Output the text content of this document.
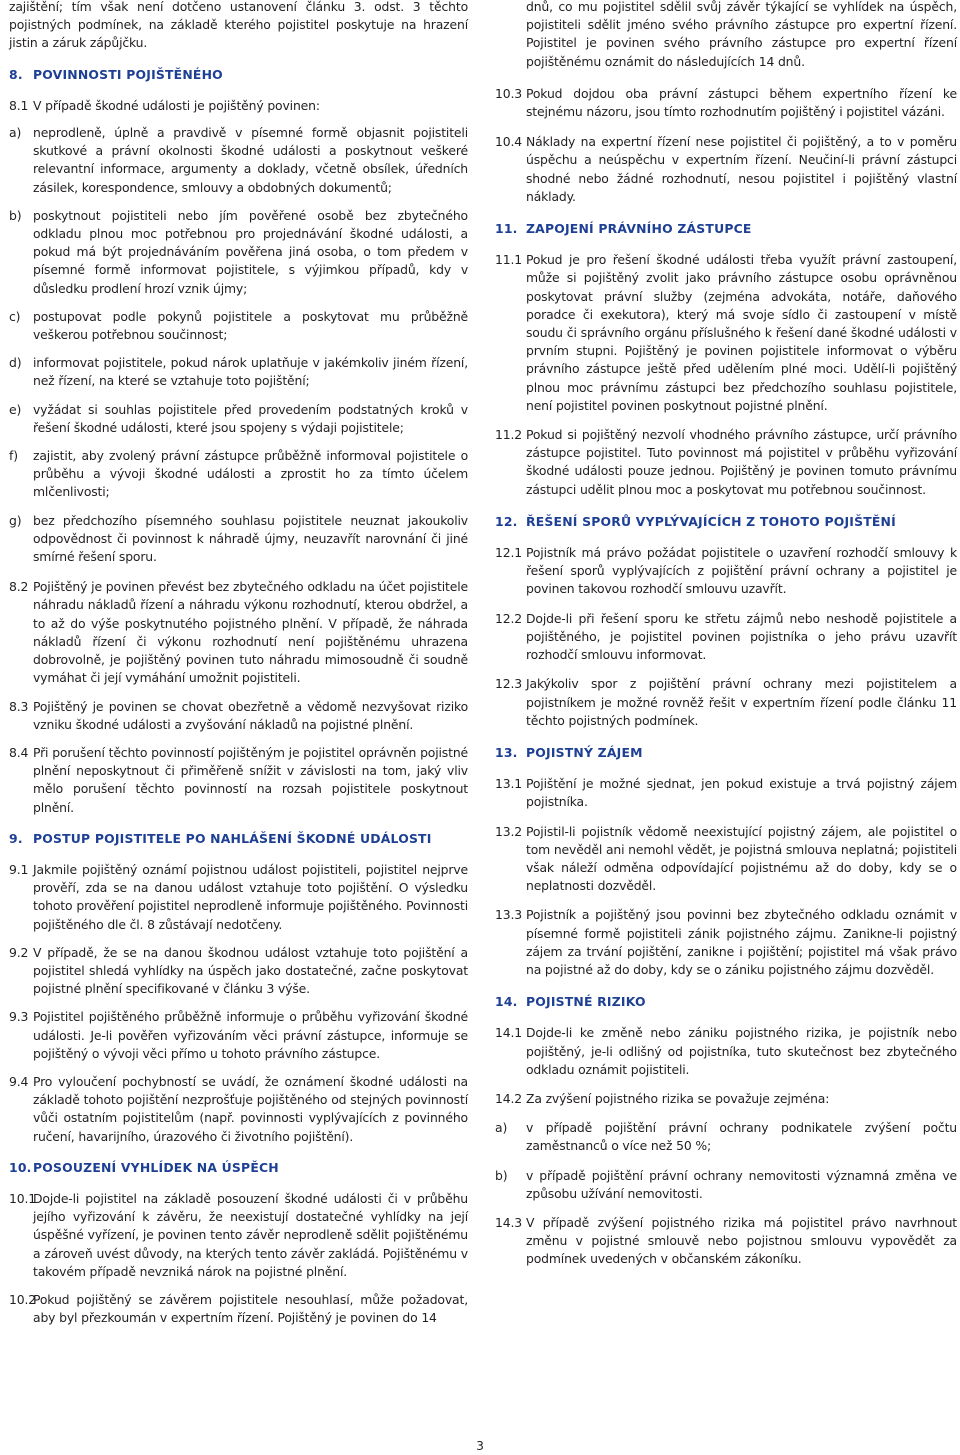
zajištění; tím však není dotčeno ustanovení článku 3. odst. 3 těchto pojistných podmínek, na základě kterého pojistitel poskytuje na hrazení jistin a záruk zápůjčku.

8. POVINNOSTI POJIŠTĚNÉHO
8.1 V případě škodné události je pojištěný povinen:
a) neprodleně, úplně a pravdivě v písemné formě objasnit pojistiteli skutkové a právní okolnosti škodné události a poskytnout veškeré relevantní informace, argumenty a doklady, včetně obsílek, úředních zásilek, korespondence, smlouvy a obdobných dokumentů;
b) poskytnout pojistiteli nebo jím pověřené osobě bez zbytečného odkladu plnou moc potřebnou pro projednávání škodné události, a pokud má být projednáváním pověřena jiná osoba, o tom předem v písemné formě informovat pojistitele, s výjimkou případů, kdy v důsledku prodlení hrozí vznik újmy;
c)	postupovat podle pokynů pojistitele a poskytovat mu průběžně veškerou potřebnou součinnost;
d) informovat pojistitele, pokud nárok uplatňuje v jakémkoliv jiném řízení, než řízení, na které se vztahuje toto pojištění;
e) vyžádat si souhlas pojistitele před provedením podstatných kroků v řešení škodné události, které jsou spojeny s výdaji pojistitele;
f)	zajistit, aby zvolený právní zástupce průběžně informoval pojistitele o průběhu a vývoji škodné události a zprostit ho za tímto účelem mlčenlivosti;
g) bez předchozího písemného souhlasu pojistitele neuznat jakoukoliv odpovědnost či povinnost k náhradě újmy, neuzavřít narovnání či jiné smírné řešení sporu.
8.2 Pojištěný je povinen převést bez zbytečného odkladu na účet pojistitele náhradu nákladů řízení a náhradu výkonu rozhodnutí, kterou obdržel, a to až do výše poskytnutého pojistného plnění. V případě, že náhrada nákladů řízení či výkonu rozhodnutí není pojištěnému uhrazena dobrovolně, je pojištěný povinen tuto náhradu mimosoudně či soudně vymáhat či její vymáhání umožnit pojistiteli.
8.3 Pojištěný je povinen se chovat obezřetně a vědomě nezvyšovat riziko vzniku škodné události a zvyšování nákladů na pojistné plnění.
8.4 Při porušení těchto povinností pojištěným je pojistitel oprávněn pojistné plnění neposkytnout či přiměřeně snížit v závislosti na tom, jaký vliv mělo porušení těchto povinností na rozsah pojistitele poskytnout plnění.
9. POSTUP POJISTITELE PO NAHLÁŠENÍ ŠKODNÉ UDÁLOSTI
9.1 Jakmile pojištěný oznámí pojistnou událost pojistiteli, pojistitel nejprve prověří, zda se na danou událost vztahuje toto pojištění. O výsledku tohoto prověření pojistitel neprodleně informuje pojištěného. Povinnosti pojištěného dle čl. 8 zůstávají nedotčeny.
9.2 V případě, že se na danou škodnou událost vztahuje toto pojištění a pojistitel shledá vyhlídky na úspěch jako dostatečné, začne poskytovat pojistné plnění specifikované v článku 3 výše.
9.3 Pojistitel pojištěného průběžně informuje o průběhu vyřizování škodné události. Je-li pověřen vyřizováním věci právní zástupce, informuje se pojištěný o vývoji věci přímo u tohoto právního zástupce.
9.4 Pro vyloučení pochybností se uvádí, že oznámení škodné události na základě tohoto pojištění nezprošťuje pojištěného od stejných povinností vůči ostatním pojistitelům (např. povinnosti vyplývajících z povinného ručení, havarijního, úrazového či životního pojištění).
10. POSOUZENÍ VYHLÍDEK NA ÚSPĚCH
10.1
Dojde-li pojistitel na základě posouzení škodné události či v průběhu jejího vyřizování k závěru, že neexistují dostatečné vyhlídky na její úspěšné vyřízení, je povinen tento závěr neprodleně sdělit pojištěnému a zároveň uvést důvody, na kterých tento závěr zakládá. Pojištěnému v takovém případě nevzniká nárok na pojistné plnění.
10.2
Pokud pojištěný se závěrem pojistitele nesouhlasí, může požadovat, aby byl přezkoumán v expertním řízení. Pojištěný je povinen do 14

dnů, co mu pojistitel sdělil svůj závěr týkající se vyhlídek na úspěch, pojistiteli sdělit jméno svého právního zástupce pro expertní řízení. Pojistitel je povinen svého právního zástupce pro expertní řízení pojištěnému oznámit do následujících 14 dnů.

10.3 Pokud dojdou oba právní zástupci během expertního řízení ke stejnému názoru, jsou tímto rozhodnutím pojištěný i pojistitel vázáni.
10.4 Náklady na expertní řízení nese pojistitel či pojištěný, a to v poměru úspěchu a neúspěchu v expertním řízení. Neučiní-li právní zástupci shodné nebo žádné rozhodnutí, nesou pojistitel i pojištěný vlastní náklady.
11. ZAPOJENÍ PRÁVNÍHO ZÁSTUPCE
11.1 Pokud je pro řešení škodné události třeba využít právní zastoupení, může si pojištěný zvolit jako právního zástupce osobu oprávněnou poskytovat právní služby (zejména advokáta, notáře, daňového poradce či exekutora), který má svoje sídlo či zastoupení v místě soudu či správního orgánu příslušného k řešení dané škodné události v prvním stupni. Pojištěný je povinen pojistitele informovat o výběru právního zástupce ještě před udělením plné moci. Udělí-li pojištěný plnou moc právnímu zástupci bez předchozího souhlasu pojistitele, není pojistitel povinen poskytnout pojistné plnění.
11.2 Pokud si pojištěný nezvolí vhodného právního zástupce, určí právního zástupce pojistitel. Tuto povinnost má pojistitel v průběhu vyřizování škodné události pouze jednou. Pojištěný je povinen tomuto právnímu zástupci udělit plnou moc a poskytovat mu potřebnou součinnost.
12. ŘEŠENÍ SPORŮ VYPLÝVAJÍCÍCH Z TOHOTO POJIŠTĚNÍ
12.1 Pojistník má právo požádat pojistitele o uzavření rozhodčí smlouvy k řešení sporů vyplývajících z pojištění právní ochrany a pojistitel je povinen takovou rozhodčí smlouvu uzavřít.
12.2 Dojde-li při řešení sporu ke střetu zájmů nebo neshodě pojistitele a pojištěného, je pojistitel povinen pojistníka o jeho právu uzavřít rozhodčí smlouvu informovat.
12.3 Jakýkoliv spor z pojištění právní ochrany mezi pojistitelem a pojistníkem je možné rovněž řešit v expertním řízení podle článku 11 těchto pojistných podmínek.
13. POJISTNÝ ZÁJEM
13.1 Pojištění je možné sjednat, jen pokud existuje a trvá pojistný zájem pojistníka.
13.2 Pojistil-li pojistník vědomě neexistující pojistný zájem, ale pojistitel o tom nevěděl ani nemohl vědět, je pojistná smlouva neplatná; pojistiteli však náleží odměna odpovídající pojistnému až do doby, kdy se o neplatnosti dozvěděl.
13.3 Pojistník a pojištěný jsou povinni bez zbytečného odkladu oznámit v písemné formě pojistiteli zánik pojistného zájmu. Zanikne-li pojistný zájem za trvání pojištění, zanikne i pojištění; pojistitel má však právo na pojistné až do doby, kdy se o zániku pojistného zájmu dozvěděl.
14. POJISTNÉ RIZIKO
14.1 Dojde-li ke změně nebo zániku pojistného rizika, je pojistník nebo pojištěný, je-li odlišný od pojistníka, tuto skutečnost bez zbytečného odkladu oznámit pojistiteli.
14.2 Za zvýšení pojistného rizika se považuje zejména:
a)	v případě pojištění právní ochrany podnikatele zvýšení počtu zaměstnanců o více než 50 %;
b)	v případě pojištění právní ochrany nemovitosti významná změna ve způsobu užívání nemovitosti.
14.3 V případě zvýšení pojistného rizika má pojistitel právo navrhnout změnu v pojistné smlouvě nebo pojistnou smlouvu vypovědět za podmínek uvedených v občanském zákoníku.
3
